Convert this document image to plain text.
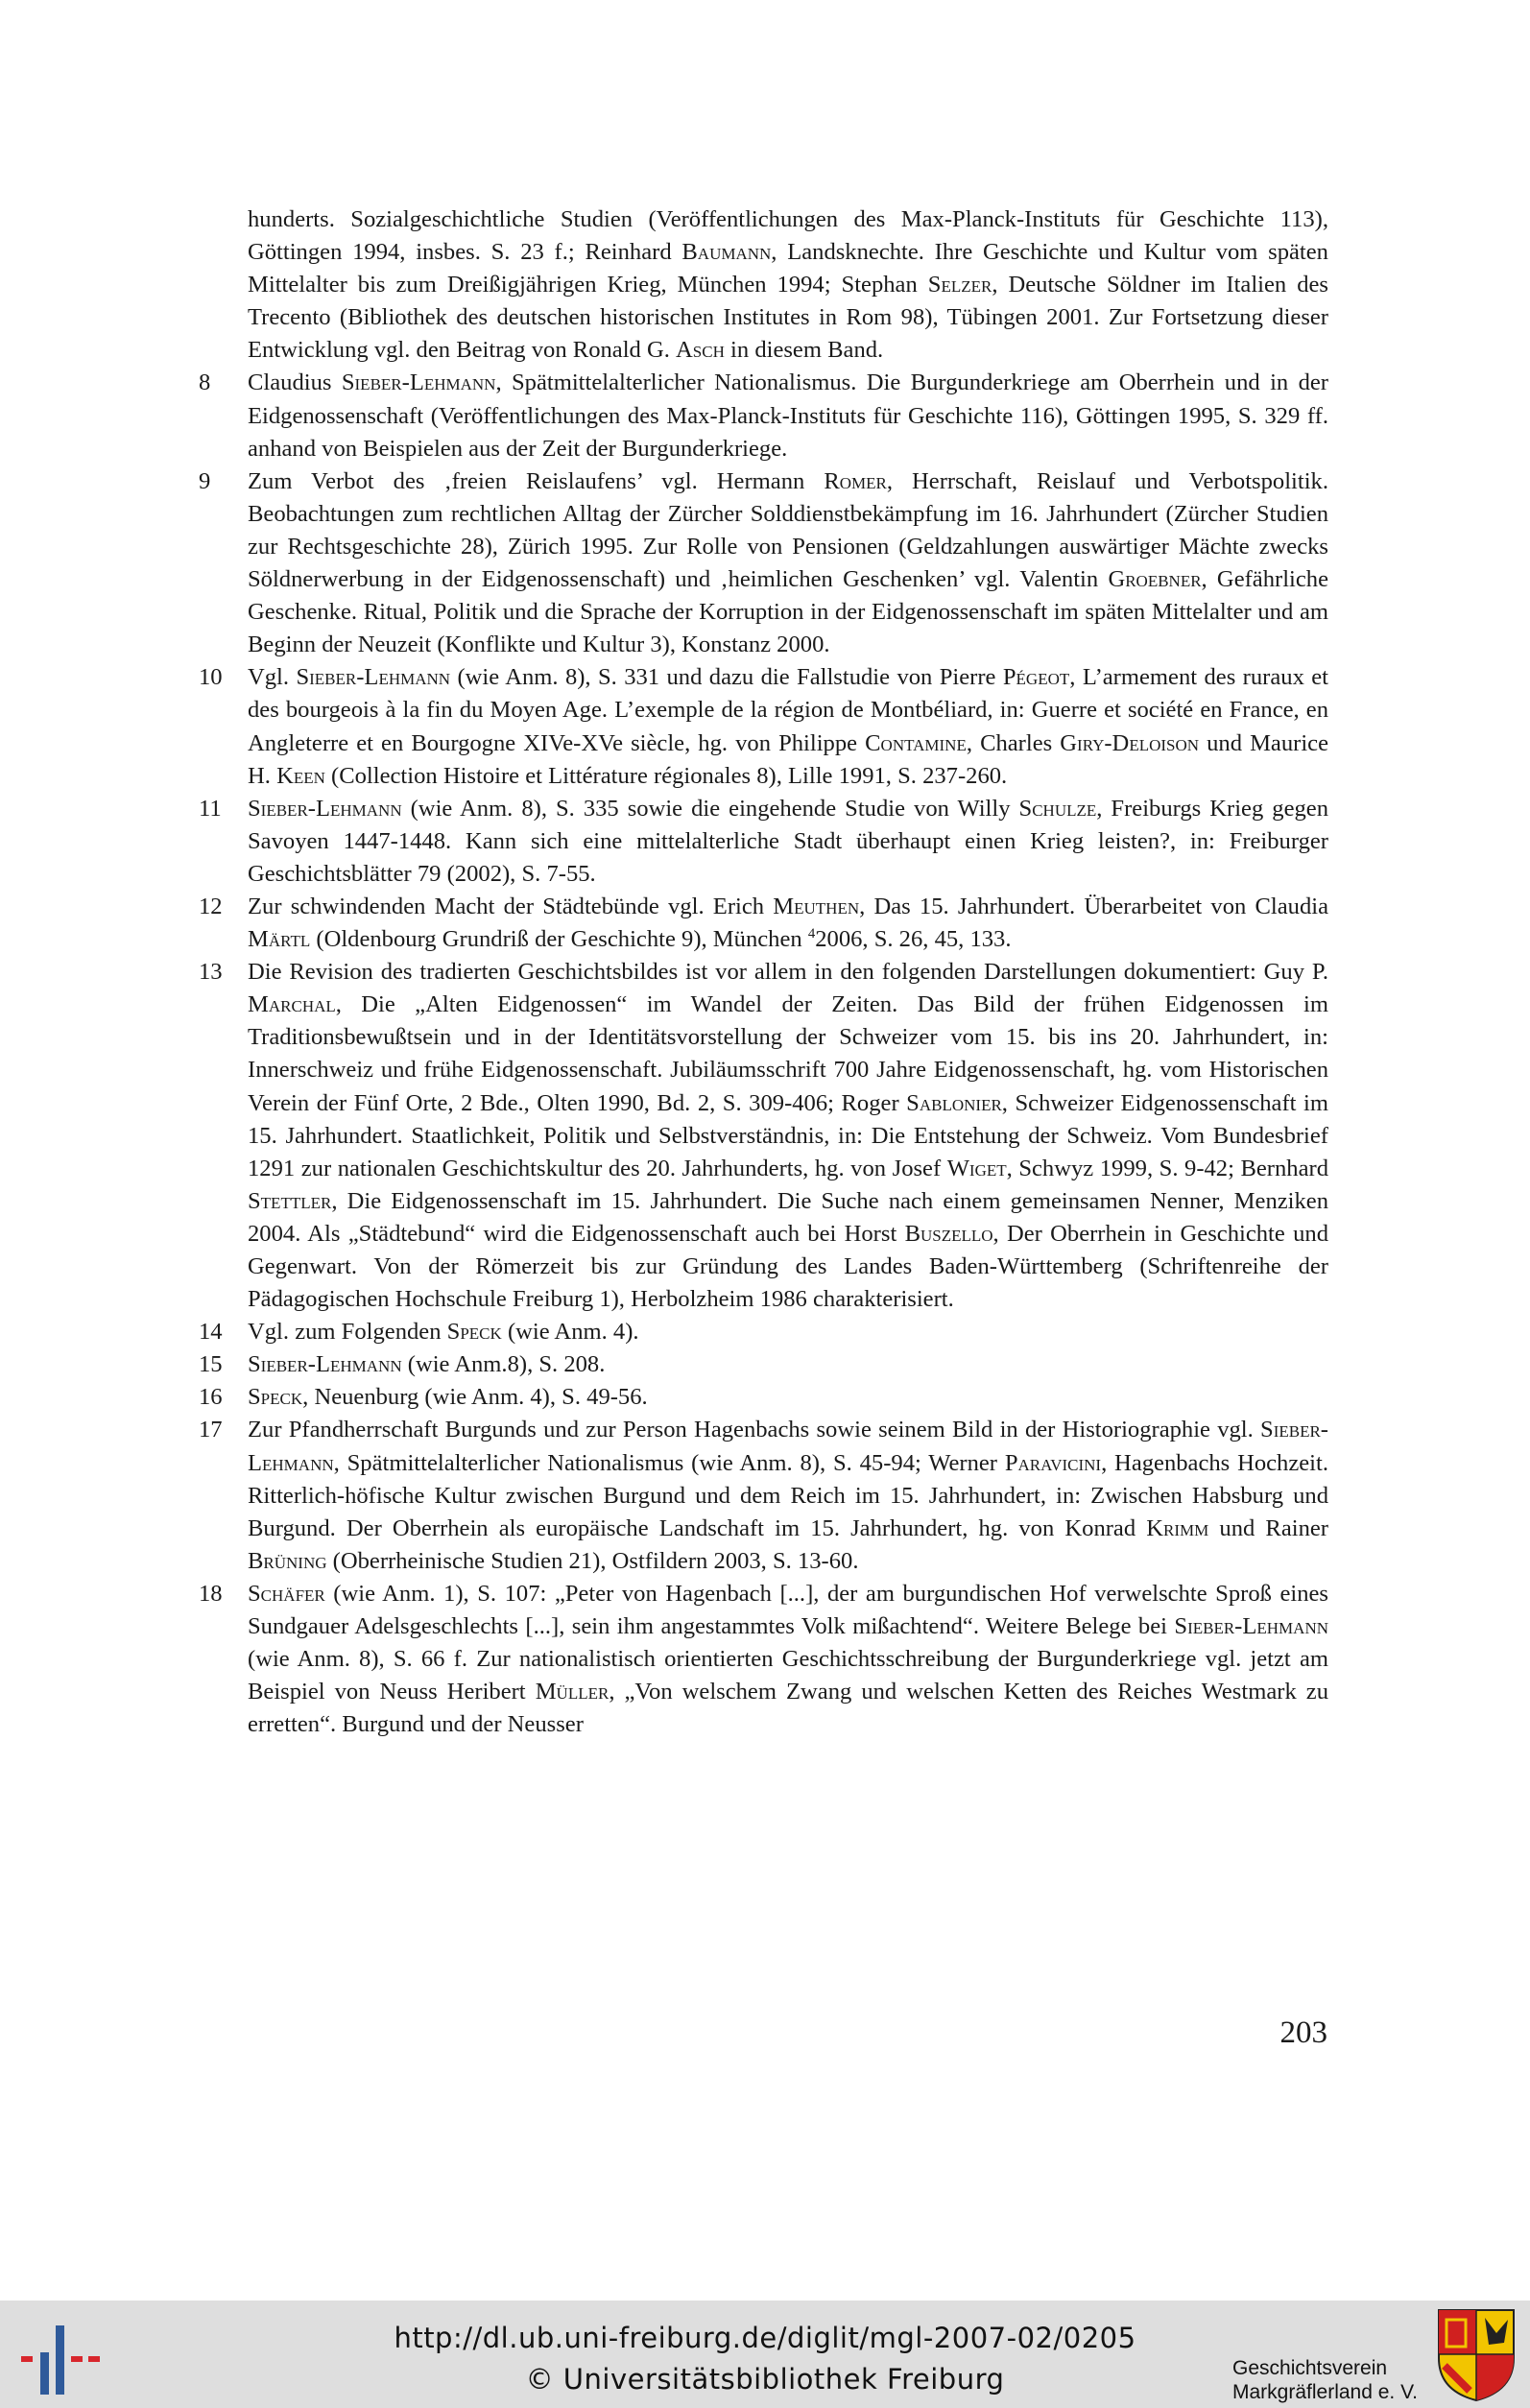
hunderts. Sozialgeschichtliche Studien (Veröffentlichungen des Max-Planck-Instituts für Geschichte 113), Göttingen 1994, insbes. S. 23 f.; Reinhard Baumann, Landsknechte. Ihre Geschichte und Kultur vom späten Mittelalter bis zum Dreißigjährigen Krieg, München 1994; Stephan Selzer, Deutsche Söldner im Italien des Trecento (Bibliothek des deutschen historischen Institutes in Rom 98), Tübingen 2001. Zur Fortsetzung dieser Entwicklung vgl. den Beitrag von Ronald G. Asch in diesem Band.
8	Claudius Sieber-Lehmann, Spätmittelalterlicher Nationalismus. Die Burgunderkriege am Oberrhein und in der Eidgenossenschaft (Veröffentlichungen des Max-Planck-Instituts für Geschichte 116), Göttingen 1995, S. 329 ff. anhand von Beispielen aus der Zeit der Burgunderkriege.
9	Zum Verbot des ‚freien Reislaufens’ vgl. Hermann Romer, Herrschaft, Reislauf und Verbotspolitik. Beobachtungen zum rechtlichen Alltag der Zürcher Solddienstbekämpfung im 16. Jahrhundert (Zürcher Studien zur Rechtsgeschichte 28), Zürich 1995. Zur Rolle von Pensionen (Geldzahlungen auswärtiger Mächte zwecks Söldnerwerbung in der Eidgenossenschaft) und ‚heimlichen Geschenken’ vgl. Valentin Groebner, Gefährliche Geschenke. Ritual, Politik und die Sprache der Korruption in der Eidgenossenschaft im späten Mittelalter und am Beginn der Neuzeit (Konflikte und Kultur 3), Konstanz 2000.
10	Vgl. Sieber-Lehmann (wie Anm. 8), S. 331 und dazu die Fallstudie von Pierre Pégeot, L’armement des ruraux et des bourgeois à la fin du Moyen Age. L’exemple de la région de Montbéliard, in: Guerre et société en France, en Angleterre et en Bourgogne XIVe-XVe siècle, hg. von Philippe Contamine, Charles Giry-Deloison und Maurice H. Keen (Collection Histoire et Littérature régionales 8), Lille 1991, S. 237-260.
11	Sieber-Lehmann (wie Anm. 8), S. 335 sowie die eingehende Studie von Willy Schulze, Freiburgs Krieg gegen Savoyen 1447-1448. Kann sich eine mittelalterliche Stadt überhaupt einen Krieg leisten?, in: Freiburger Geschichtsblätter 79 (2002), S. 7-55.
12	Zur schwindenden Macht der Städtebünde vgl. Erich Meuthen, Das 15. Jahrhundert. Überarbeitet von Claudia Märtl (Oldenbourg Grundriß der Geschichte 9), München $^4$2006, S. 26, 45, 133.
13	Die Revision des tradierten Geschichtsbildes ist vor allem in den folgenden Darstellungen dokumentiert: Guy P. Marchal, Die „Alten Eidgenossen“ im Wandel der Zeiten. Das Bild der frühen Eidgenossen im Traditionsbewußtsein und in der Identitätsvorstellung der Schweizer vom 15. bis ins 20. Jahrhundert, in: Innerschweiz und frühe Eidgenossenschaft. Jubiläumsschrift 700 Jahre Eidgenossenschaft, hg. vom Historischen Verein der Fünf Orte, 2 Bde., Olten 1990, Bd. 2, S. 309-406; Roger Sablonier, Schweizer Eidgenossenschaft im 15. Jahrhundert. Staatlichkeit, Politik und Selbstverständnis, in: Die Entstehung der Schweiz. Vom Bundesbrief 1291 zur nationalen Geschichtskultur des 20. Jahrhunderts, hg. von Josef Wiget, Schwyz 1999, S. 9-42; Bernhard Stettler, Die Eidgenossenschaft im 15. Jahrhundert. Die Suche nach einem gemeinsamen Nenner, Menziken 2004. Als „Städtebund“ wird die Eidgenossenschaft auch bei Horst Buszello, Der Oberrhein in Geschichte und Gegenwart. Von der Römerzeit bis zur Gründung des Landes Baden-Württemberg (Schriftenreihe der Pädagogischen Hochschule Freiburg 1), Herbolzheim 1986 charakterisiert.
14	Vgl. zum Folgenden Speck (wie Anm. 4).
15	Sieber-Lehmann (wie Anm.8), S. 208.
16	Speck, Neuenburg (wie Anm. 4), S. 49-56.
17	Zur Pfandherrschaft Burgunds und zur Person Hagenbachs sowie seinem Bild in der Historiographie vgl. Sieber-Lehmann, Spätmittelalterlicher Nationalismus (wie Anm. 8), S. 45-94; Werner Paravicini, Hagenbachs Hochzeit. Ritterlich-höfische Kultur zwischen Burgund und dem Reich im 15. Jahrhundert, in: Zwischen Habsburg und Burgund. Der Oberrhein als europäische Landschaft im 15. Jahrhundert, hg. von Konrad Krimm und Rainer Brüning (Oberrheinische Studien 21), Ostfildern 2003, S. 13-60.
18	Schäfer (wie Anm. 1), S. 107: „Peter von Hagenbach [...], der am burgundischen Hof verwelschte Sproß eines Sundgauer Adelsgeschlechts [...], sein ihm angestammtes Volk mißachtend“. Weitere Belege bei Sieber-Lehmann (wie Anm. 8), S. 66 f. Zur nationalistisch orientierten Geschichtsschreibung der Burgunderkriege vgl. jetzt am Beispiel von Neuss Heribert Müller, „Von welschem Zwang und welschen Ketten des Reiches Westmark zu erretten“. Burgund und der Neusser
203
http://dl.ub.uni-freiburg.de/diglit/mgl-2007-02/0205
© Universitätsbibliothek Freiburg	Geschichtsverein
Markgräflerland e. V.
